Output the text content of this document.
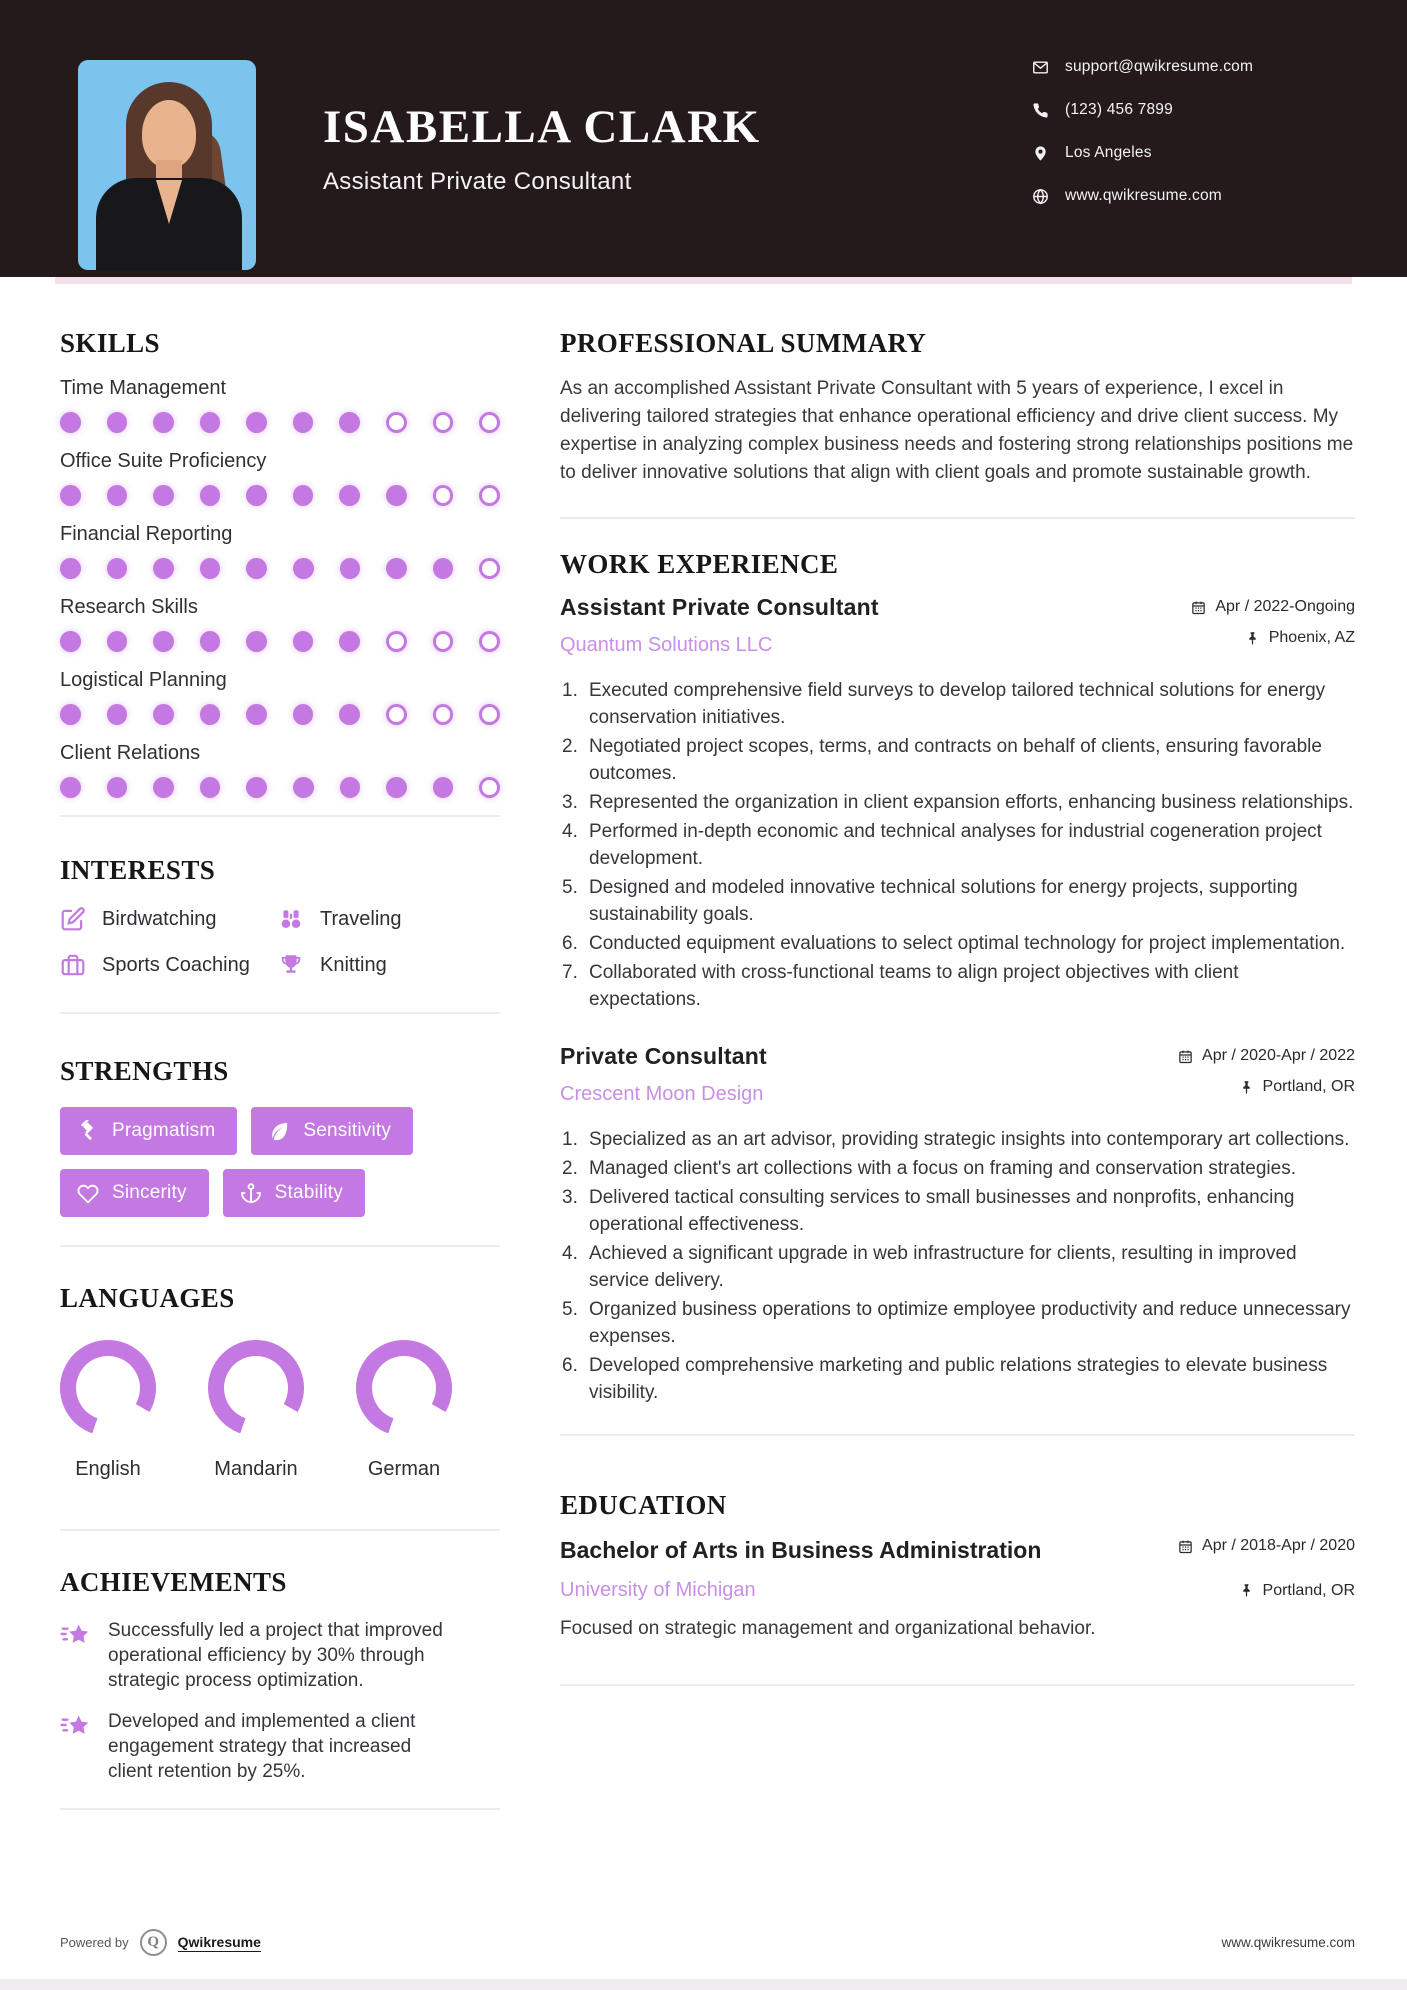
ISABELLA CLARK
Assistant Private Consultant
support@qwikresume.com
(123) 456 7899
Los Angeles
www.qwikresume.com
SKILLS
Time Management
Office Suite Proficiency
Financial Reporting
Research Skills
Logistical Planning
Client Relations
INTERESTS
Birdwatching	Traveling
Sports Coaching	Knitting
STRENGTHS
Pragmatism	Sensitivity
Sincerity	Stability
LANGUAGES
English	Mandarin	German
ACHIEVEMENTS
Successfully led a project that improved operational efficiency by 30% through strategic process optimization.
Developed and implemented a client engagement strategy that increased client retention by 25%.
PROFESSIONAL SUMMARY

As an accomplished Assistant Private Consultant with 5 years of experience, I excel in delivering tailored strategies that enhance operational efficiency and drive client success. My expertise in analyzing complex business needs and fostering strong relationships positions me to deliver innovative solutions that align with client goals and promote sustainable growth.

WORK EXPERIENCE
Assistant Private Consultant
Quantum Solutions LLC
Apr / 2022-Ongoing
Phoenix, AZ
Executed comprehensive field surveys to develop tailored technical solutions for energy conservation initiatives.
Negotiated project scopes, terms, and contracts on behalf of clients, ensuring favorable outcomes.
Represented the organization in client expansion efforts, enhancing business relationships.
Performed in-depth economic and technical analyses for industrial cogeneration project development.
Designed and modeled innovative technical solutions for energy projects, supporting sustainability goals.
Conducted equipment evaluations to select optimal technology for project implementation.
Collaborated with cross-functional teams to align project objectives with client expectations.
Private Consultant
Crescent Moon Design
Apr / 2020-Apr / 2022
Portland, OR
Specialized as an art advisor, providing strategic insights into contemporary art collections.
Managed client's art collections with a focus on framing and conservation strategies.
Delivered tactical consulting services to small businesses and nonprofits, enhancing operational effectiveness.
Achieved a significant upgrade in web infrastructure for clients, resulting in improved service delivery.
Organized business operations to optimize employee productivity and reduce unnecessary expenses.
Developed comprehensive marketing and public relations strategies to elevate business visibility.
EDUCATION
Bachelor of Arts in Business Administration	Apr / 2018-Apr / 2020
University of Michigan	Portland, OR

Focused on strategic management and organizational behavior.

Powered by	Q	Qwikresume	www.qwikresume.com
